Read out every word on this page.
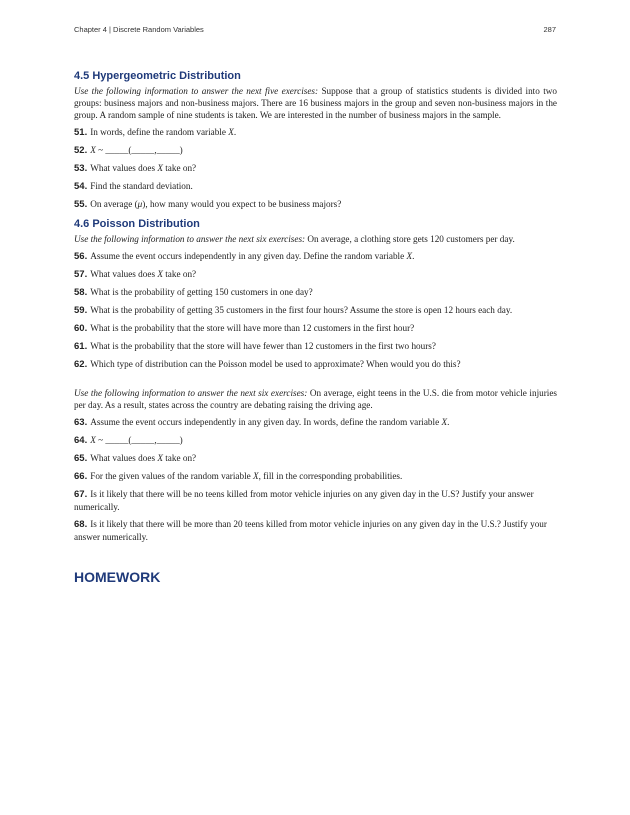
Chapter 4 | Discrete Random Variables	287
4.5 Hypergeometric Distribution

Use the following information to answer the next five exercises: Suppose that a group of statistics students is divided into two groups: business majors and non-business majors. There are 16 business majors in the group and seven non-business majors in the group. A random sample of nine students is taken. We are interested in the number of business majors in the sample.

51. In words, define the random variable X.

52. X ~ _____(_____,_____)

53. What values does X take on?

54. Find the standard deviation.

55. On average (μ), how many would you expect to be business majors?

4.6 Poisson Distribution

Use the following information to answer the next six exercises: On average, a clothing store gets 120 customers per day.

56. Assume the event occurs independently in any given day. Define the random variable X.

57. What values does X take on?

58. What is the probability of getting 150 customers in one day?

59. What is the probability of getting 35 customers in the first four hours? Assume the store is open 12 hours each day.

60. What is the probability that the store will have more than 12 customers in the first hour?

61. What is the probability that the store will have fewer than 12 customers in the first two hours?

62. Which type of distribution can the Poisson model be used to approximate? When would you do this?

Use the following information to answer the next six exercises: On average, eight teens in the U.S. die from motor vehicle injuries per day. As a result, states across the country are debating raising the driving age.

63. Assume the event occurs independently in any given day. In words, define the random variable X.

64. X ~ _____(_____,_____)

65. What values does X take on?

66. For the given values of the random variable X, fill in the corresponding probabilities.

67. Is it likely that there will be no teens killed from motor vehicle injuries on any given day in the U.S? Justify your answer numerically.

68. Is it likely that there will be more than 20 teens killed from motor vehicle injuries on any given day in the U.S.? Justify your answer numerically.

HOMEWORK
